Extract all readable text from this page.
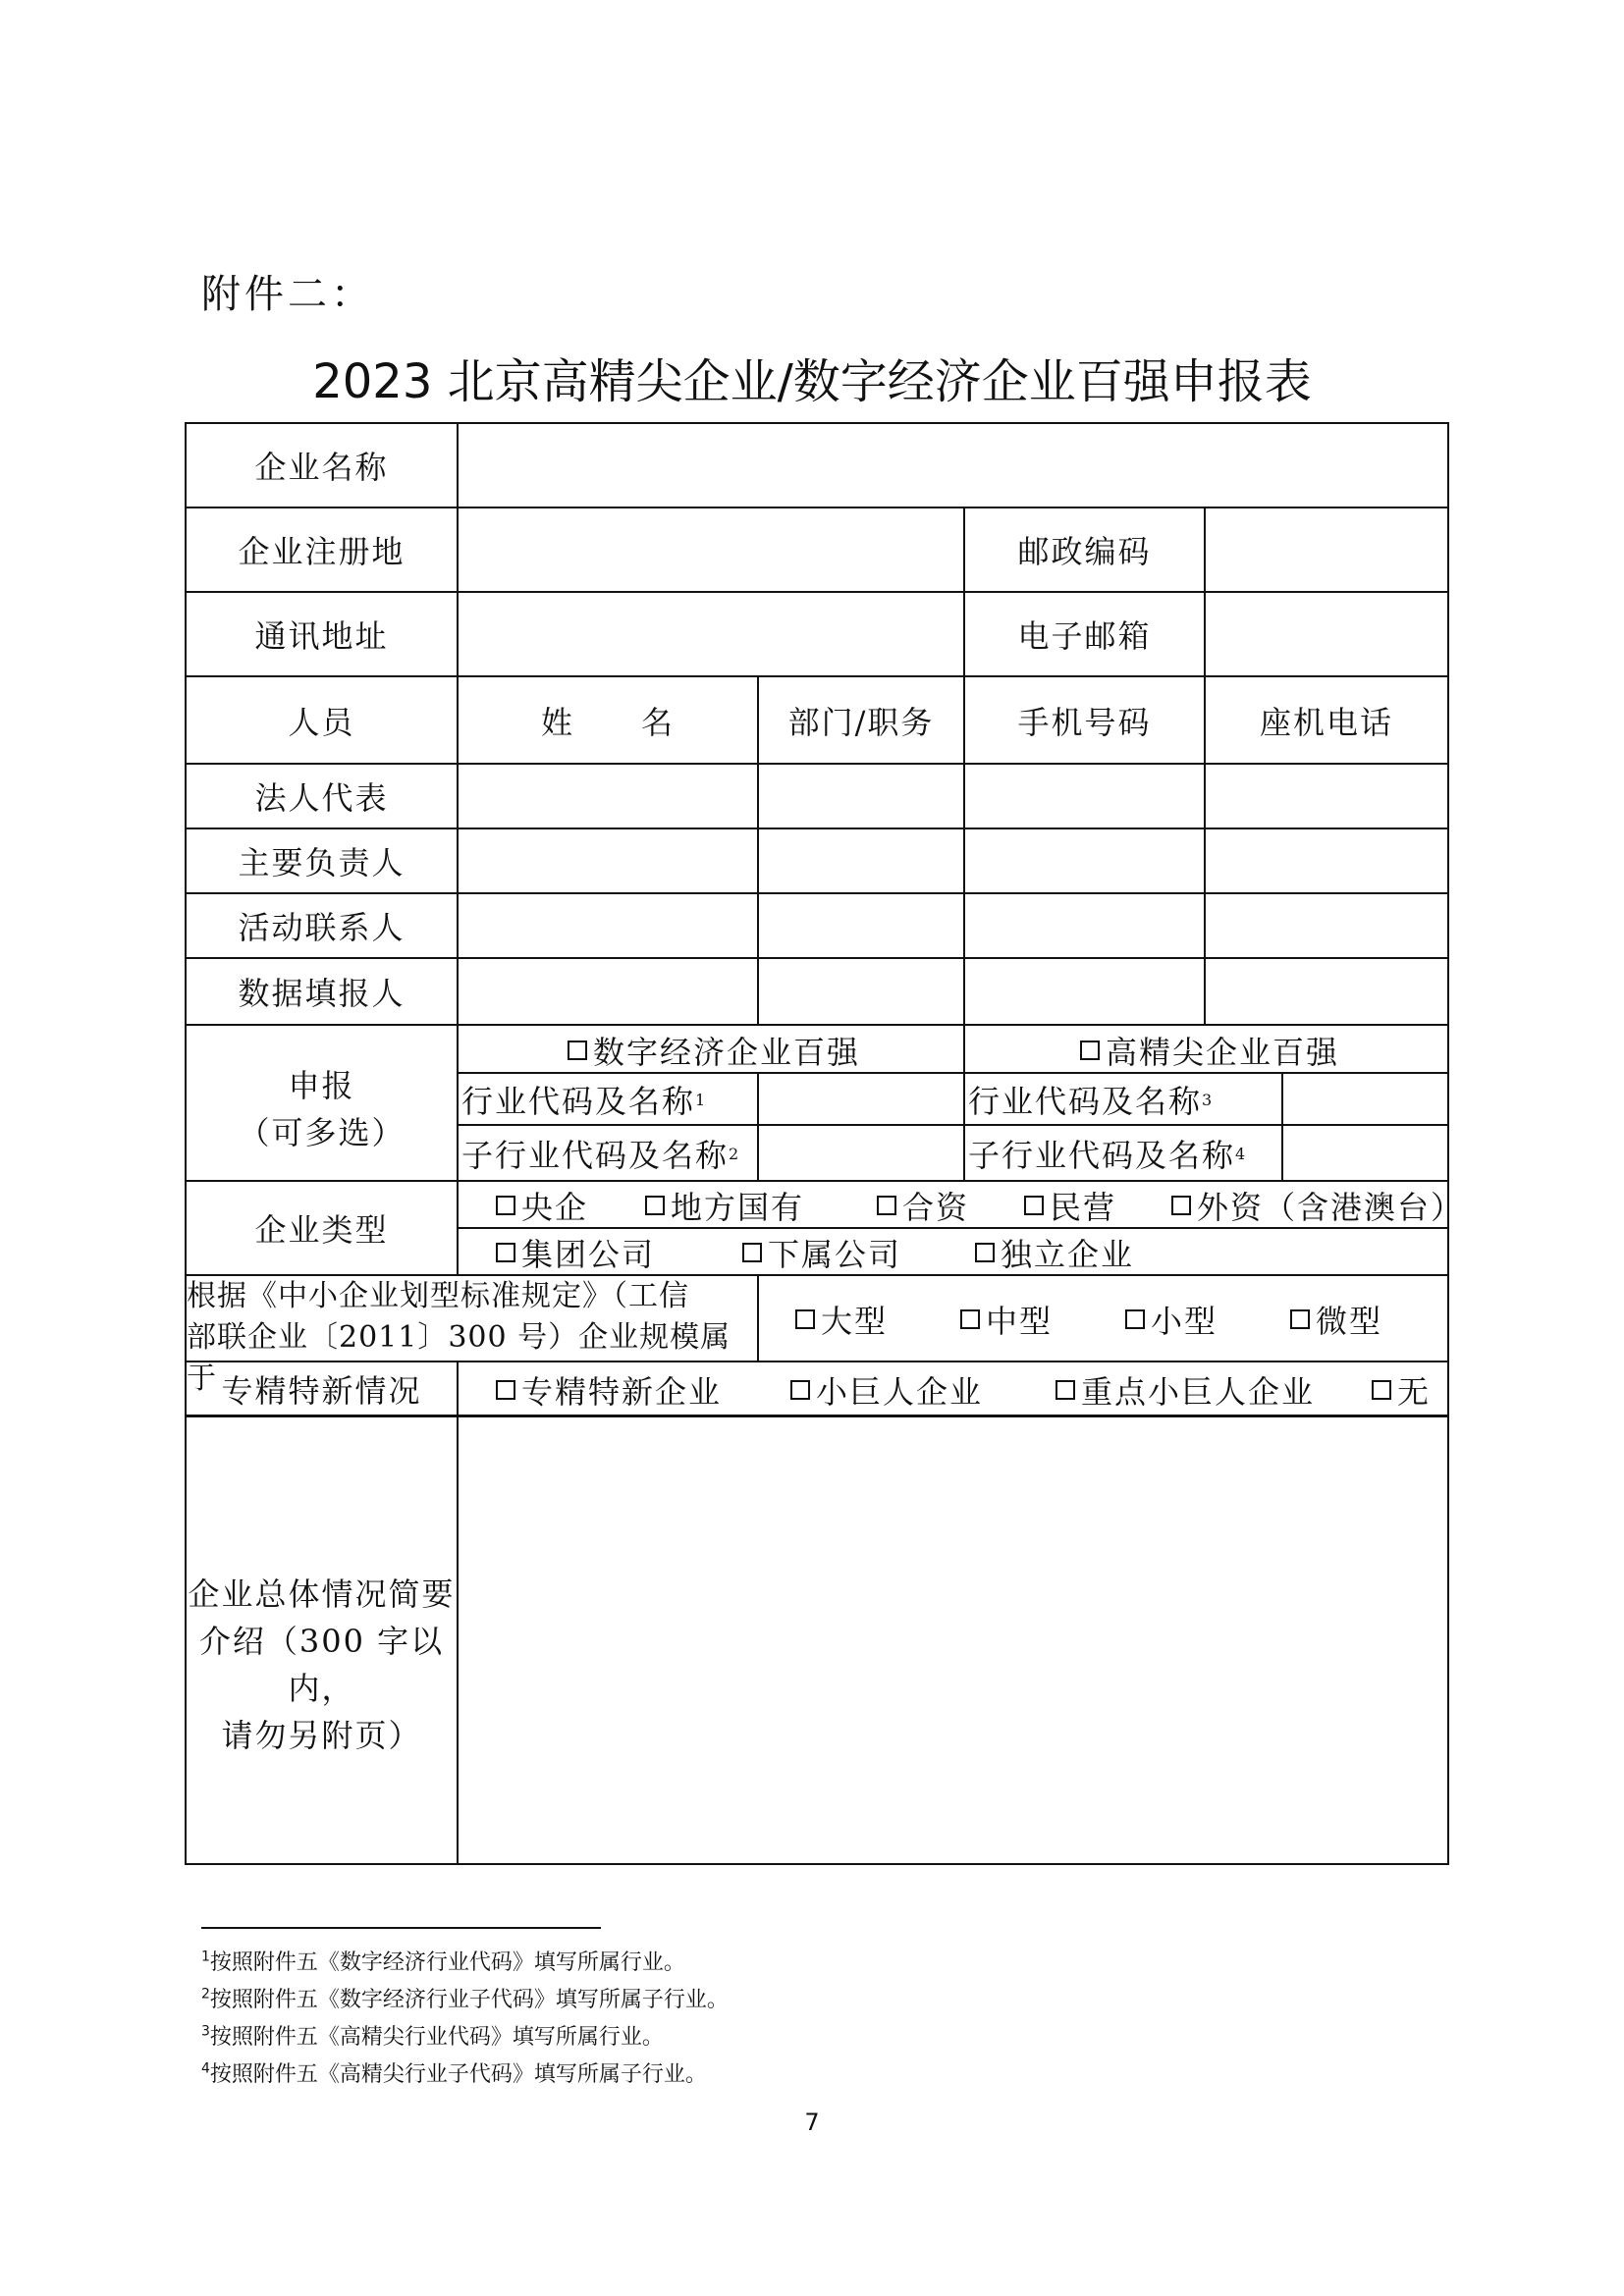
附件二：
2023 北京高精尖企业/数字经济企业百强申报表
企业名称
企业注册地	邮政编码
通讯地址	电子邮箱
人员	姓　　名	部门/职务	手机号码	座机电话
法人代表
主要负责人
活动联系人
数据填报人
申报
（可多选）
数字经济企业百强	高精尖企业百强
行业代码及名称 1	行业代码及名称 3
子行业代码及名称 2	子行业代码及名称 4
企业类型
央企	地方国有	合资	民营	外资（含港澳台）
集团公司	下属公司	独立企业
根据《中小企业划型标准规定》（工信
部联企业〔2011〕300 号）企业规模属于
大型	中型	小型	微型
专精特新情况	专精特新企业	小巨人企业	重点小巨人企业	无
企业总体情况简要
介绍（300 字以内，
请勿另附页）
$^1$按照附件五《数字经济行业代码》填写所属行业。
$^2$按照附件五《数字经济行业子代码》填写所属子行业。
$^3$按照附件五《高精尖行业代码》填写所属行业。
$^4$按照附件五《高精尖行业子代码》填写所属子行业。
7
